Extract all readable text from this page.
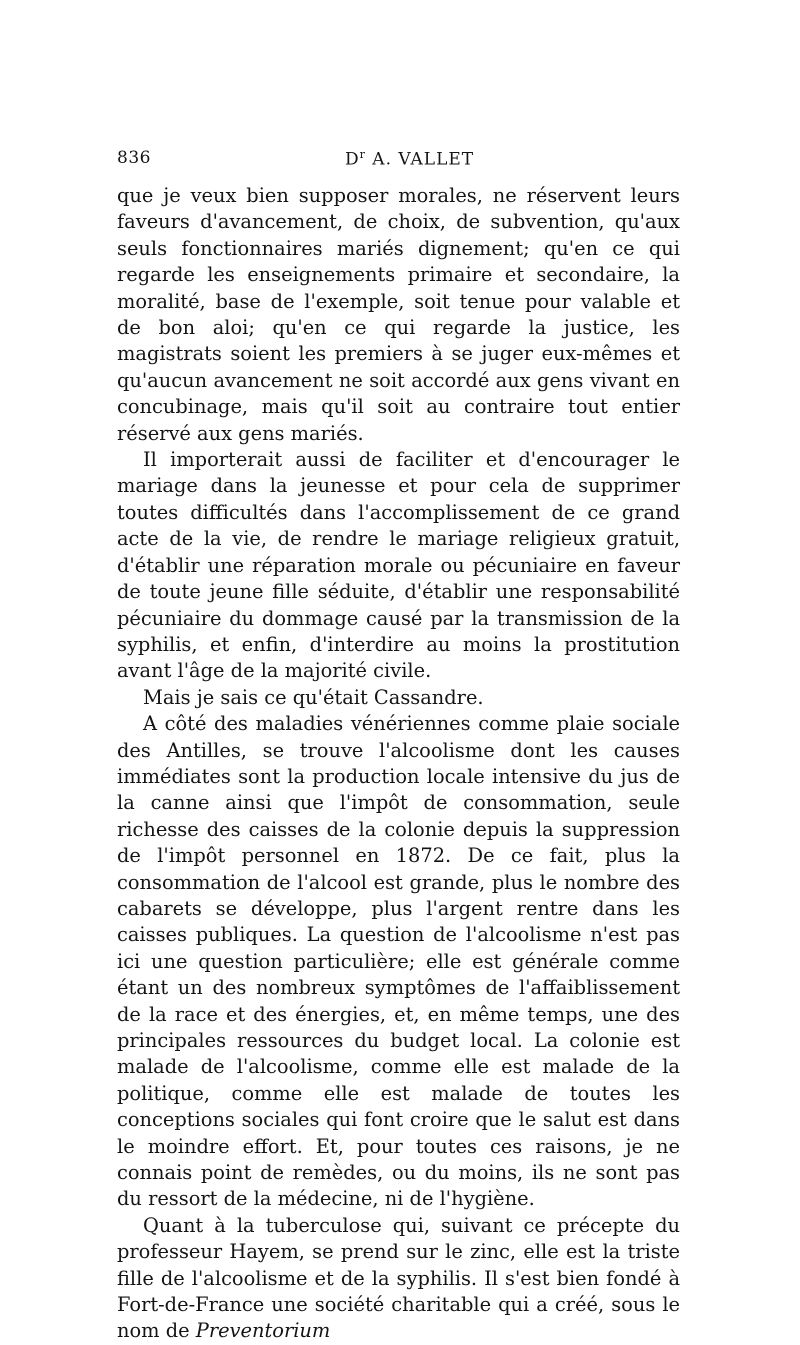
836	$D^r$ A. VALLET

que je veux bien supposer morales, ne réservent leurs faveurs d'avancement, de choix, de subvention, qu'aux seuls fonctionnaires mariés dignement; qu'en ce qui regarde les enseignements primaire et secondaire, la moralité, base de l'exemple, soit tenue pour valable et de bon aloi; qu'en ce qui regarde la justice, les magistrats soient les premiers à se juger eux-mêmes et qu'aucun avancement ne soit accordé aux gens vivant en concubinage, mais qu'il soit au contraire tout entier réservé aux gens mariés.

Il importerait aussi de faciliter et d'encourager le mariage dans la jeunesse et pour cela de supprimer toutes difficultés dans l'accomplissement de ce grand acte de la vie, de rendre le mariage religieux gratuit, d'établir une réparation morale ou pécuniaire en faveur de toute jeune fille séduite, d'établir une responsabilité pécuniaire du dommage causé par la transmission de la syphilis, et enfin, d'interdire au moins la prostitution avant l'âge de la majorité civile.

Mais je sais ce qu'était Cassandre.

A côté des maladies vénériennes comme plaie sociale des Antilles, se trouve l'alcoolisme dont les causes immédiates sont la production locale intensive du jus de la canne ainsi que l'impôt de consommation, seule richesse des caisses de la colonie depuis la suppression de l'impôt personnel en 1872. De ce fait, plus la consommation de l'alcool est grande, plus le nombre des cabarets se développe, plus l'argent rentre dans les caisses publiques. La question de l'alcoolisme n'est pas ici une question particulière; elle est générale comme étant un des nombreux symptômes de l'affaiblissement de la race et des énergies, et, en même temps, une des principales ressources du budget local. La colonie est malade de l'alcoolisme, comme elle est malade de la politique, comme elle est malade de toutes les conceptions sociales qui font croire que le salut est dans le moindre effort. Et, pour toutes ces raisons, je ne connais point de remèdes, ou du moins, ils ne sont pas du ressort de la médecine, ni de l'hygiène.

Quant à la tuberculose qui, suivant ce précepte du professeur Hayem, se prend sur le zinc, elle est la triste fille de l'alcoolisme et de la syphilis. Il s'est bien fondé à Fort-de-France une société charitable qui a créé, sous le nom de Preventorium
